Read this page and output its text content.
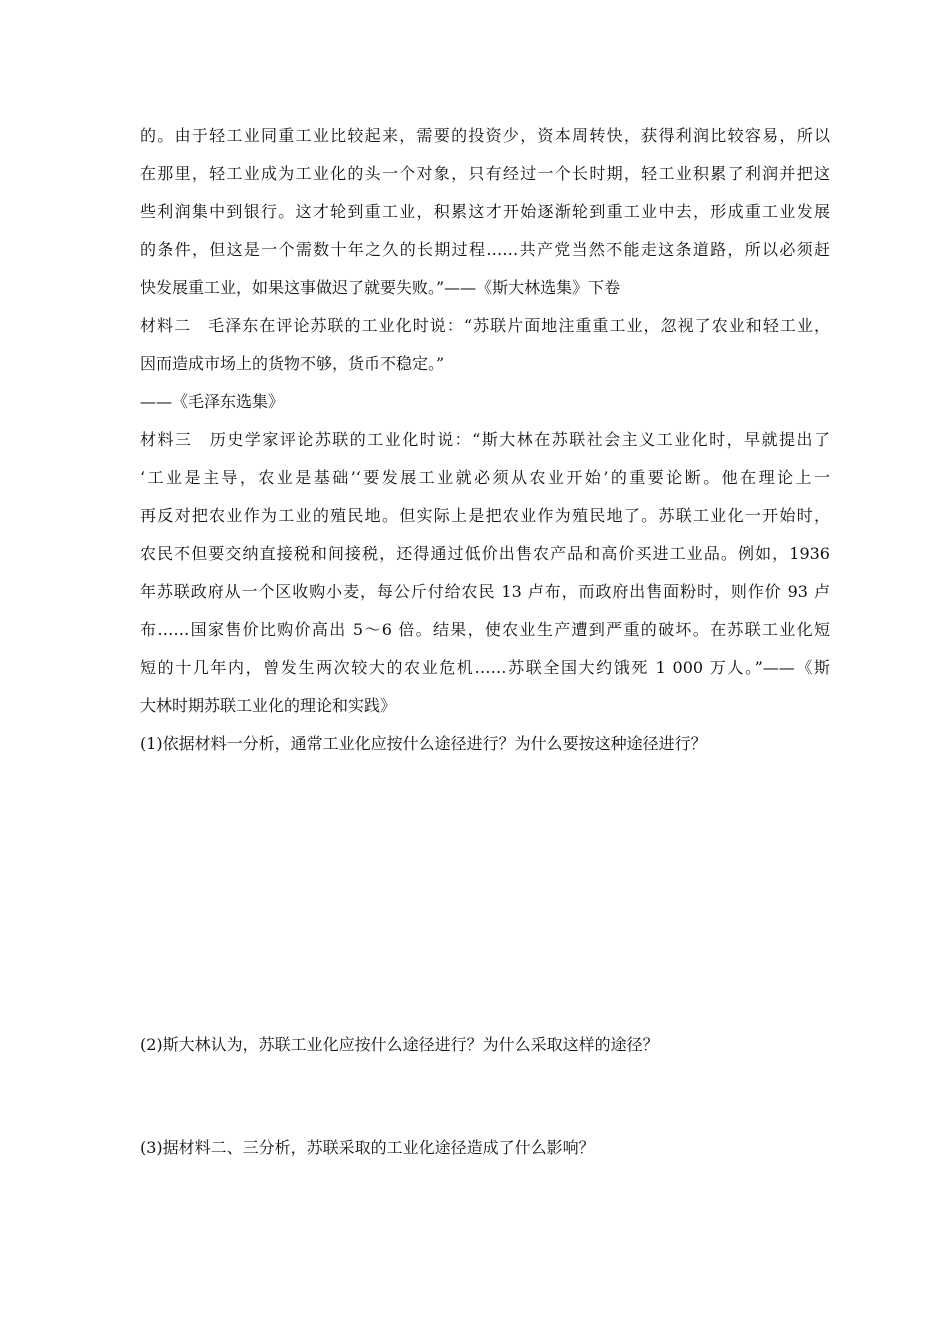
的。由于轻工业同重工业比较起来，需要的投资少，资本周转快，获得利润比较容易，所以
在那里，轻工业成为工业化的头一个对象，只有经过一个长时期，轻工业积累了利润并把这
些利润集中到银行。这才轮到重工业，积累这才开始逐渐轮到重工业中去，形成重工业发展
的条件，但这是一个需数十年之久的长期过程……共产党当然不能走这条道路，所以必须赶
快发展重工业，如果这事做迟了就要失败。”——《斯大林选集》下卷
材料二　毛泽东在评论苏联的工业化时说：“苏联片面地注重重工业，忽视了农业和轻工业，
因而造成市场上的货物不够，货币不稳定。”
——《毛泽东选集》
材料三　历史学家评论苏联的工业化时说：“斯大林在苏联社会主义工业化时，早就提出了
‘工业是主导，农业是基础’‘要发展工业就必须从农业开始’的重要论断。他在理论上一
再反对把农业作为工业的殖民地。但实际上是把农业作为殖民地了。苏联工业化一开始时，
农民不但要交纳直接税和间接税，还得通过低价出售农产品和高价买进工业品。例如，1936
年苏联政府从一个区收购小麦，每公斤付给农民 13 卢布，而政府出售面粉时，则作价 93 卢
布……国家售价比购价高出 5～6 倍。结果，使农业生产遭到严重的破坏。在苏联工业化短
短的十几年内，曾发生两次较大的农业危机……苏联全国大约饿死 1 000 万人。”——《斯
大林时期苏联工业化的理论和实践》
(1)依据材料一分析，通常工业化应按什么途径进行？为什么要按这种途径进行？
(2)斯大林认为，苏联工业化应按什么途径进行？为什么采取这样的途径？
(3)据材料二、三分析，苏联采取的工业化途径造成了什么影响？
